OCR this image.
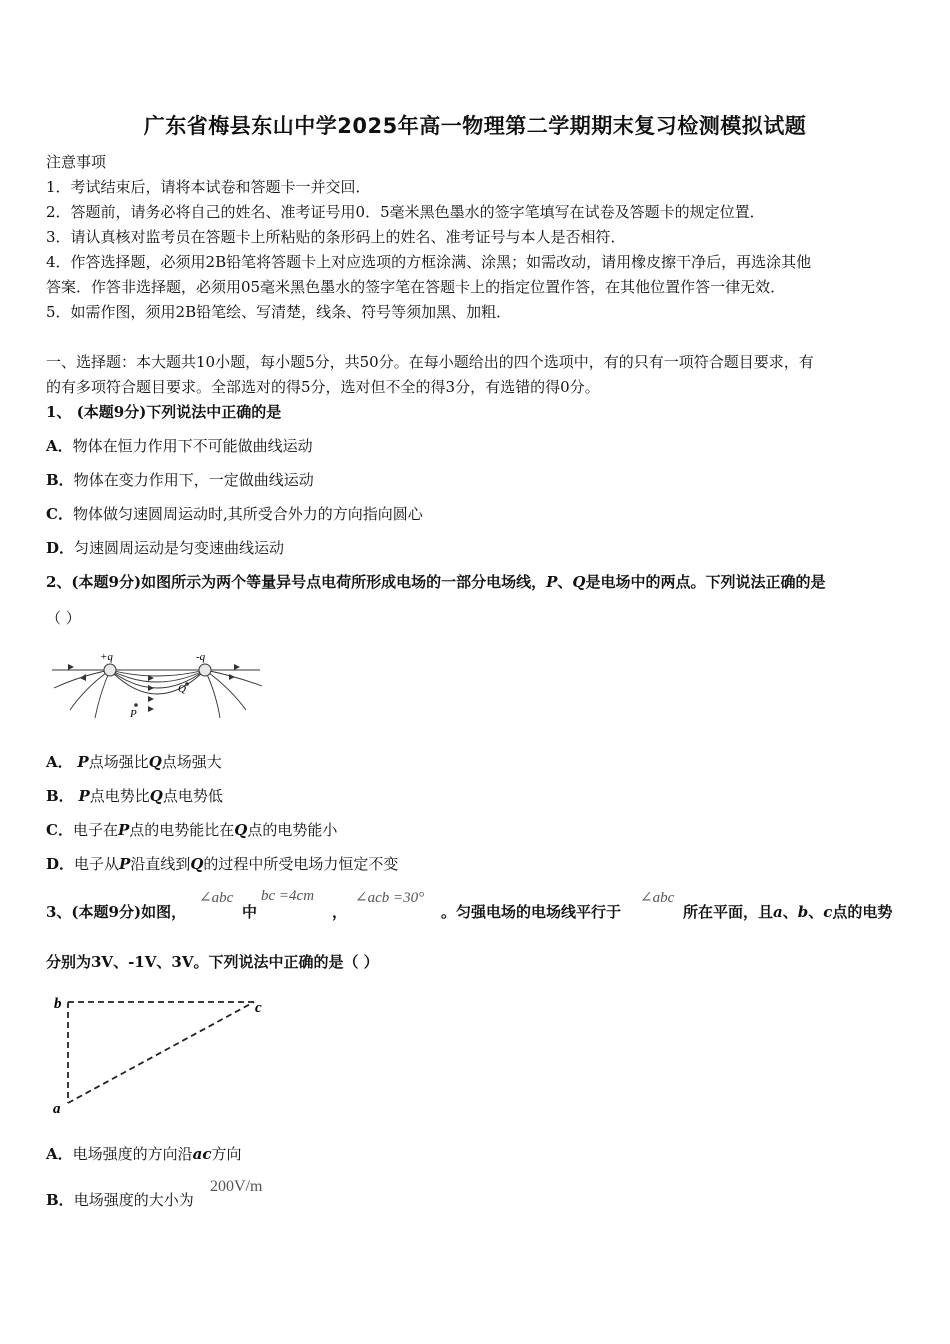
广东省梅县东山中学2025年高一物理第二学期期末复习检测模拟试题
注意事项
1．考试结束后，请将本试卷和答题卡一并交回．
2．答题前，请务必将自己的姓名、准考证号用0．5毫米黑色墨水的签字笔填写在试卷及答题卡的规定位置．
3．请认真核对监考员在答题卡上所粘贴的条形码上的姓名、准考证号与本人是否相符．
4．作答选择题，必须用2B铅笔将答题卡上对应选项的方框涂满、涂黑；如需改动，请用橡皮擦干净后，再选涂其他
答案．作答非选择题，必须用05毫米黑色墨水的签字笔在答题卡上的指定位置作答，在其他位置作答一律无效．
5．如需作图，须用2B铅笔绘、写清楚，线条、符号等须加黑、加粗．
一、选择题：本大题共10小题，每小题5分，共50分。在每小题给出的四个选项中，有的只有一项符合题目要求，有
的有多项符合题目要求。全部选对的得5分，选对但不全的得3分，有选错的得0分。
1、 (本题9分)下列说法中正确的是
A．物体在恒力作用下不可能做曲线运动
B．物体在变力作用下，一定做曲线运动
C．物体做匀速圆周运动时,其所受合外力的方向指向圆心
D．匀速圆周运动是匀变速曲线运动
2、(本题9分)如图所示为两个等量异号点电荷所形成电场的一部分电场线，P、Q是电场中的两点。下列说法正确的是
（ ）
+q	-q
Q
P
A． P点场强比Q点场强大
B． P点电势比Q点电势低
C．电子在P点的电势能比在Q点的电势能小
D．电子从P沿直线到Q的过程中所受电场力恒定不变
3、(本题9分)如图，
∠abc
中
bc =4cm
，
∠acb =30°
。匀强电场的电场线平行于
∠abc
所在平面，且a、b、c点的电势
分别为3V、-1V、3V。下列说法中正确的是（ ）
b	c
a
A．电场强度的方向沿ac方向
B．电场强度的大小为
200V/m
